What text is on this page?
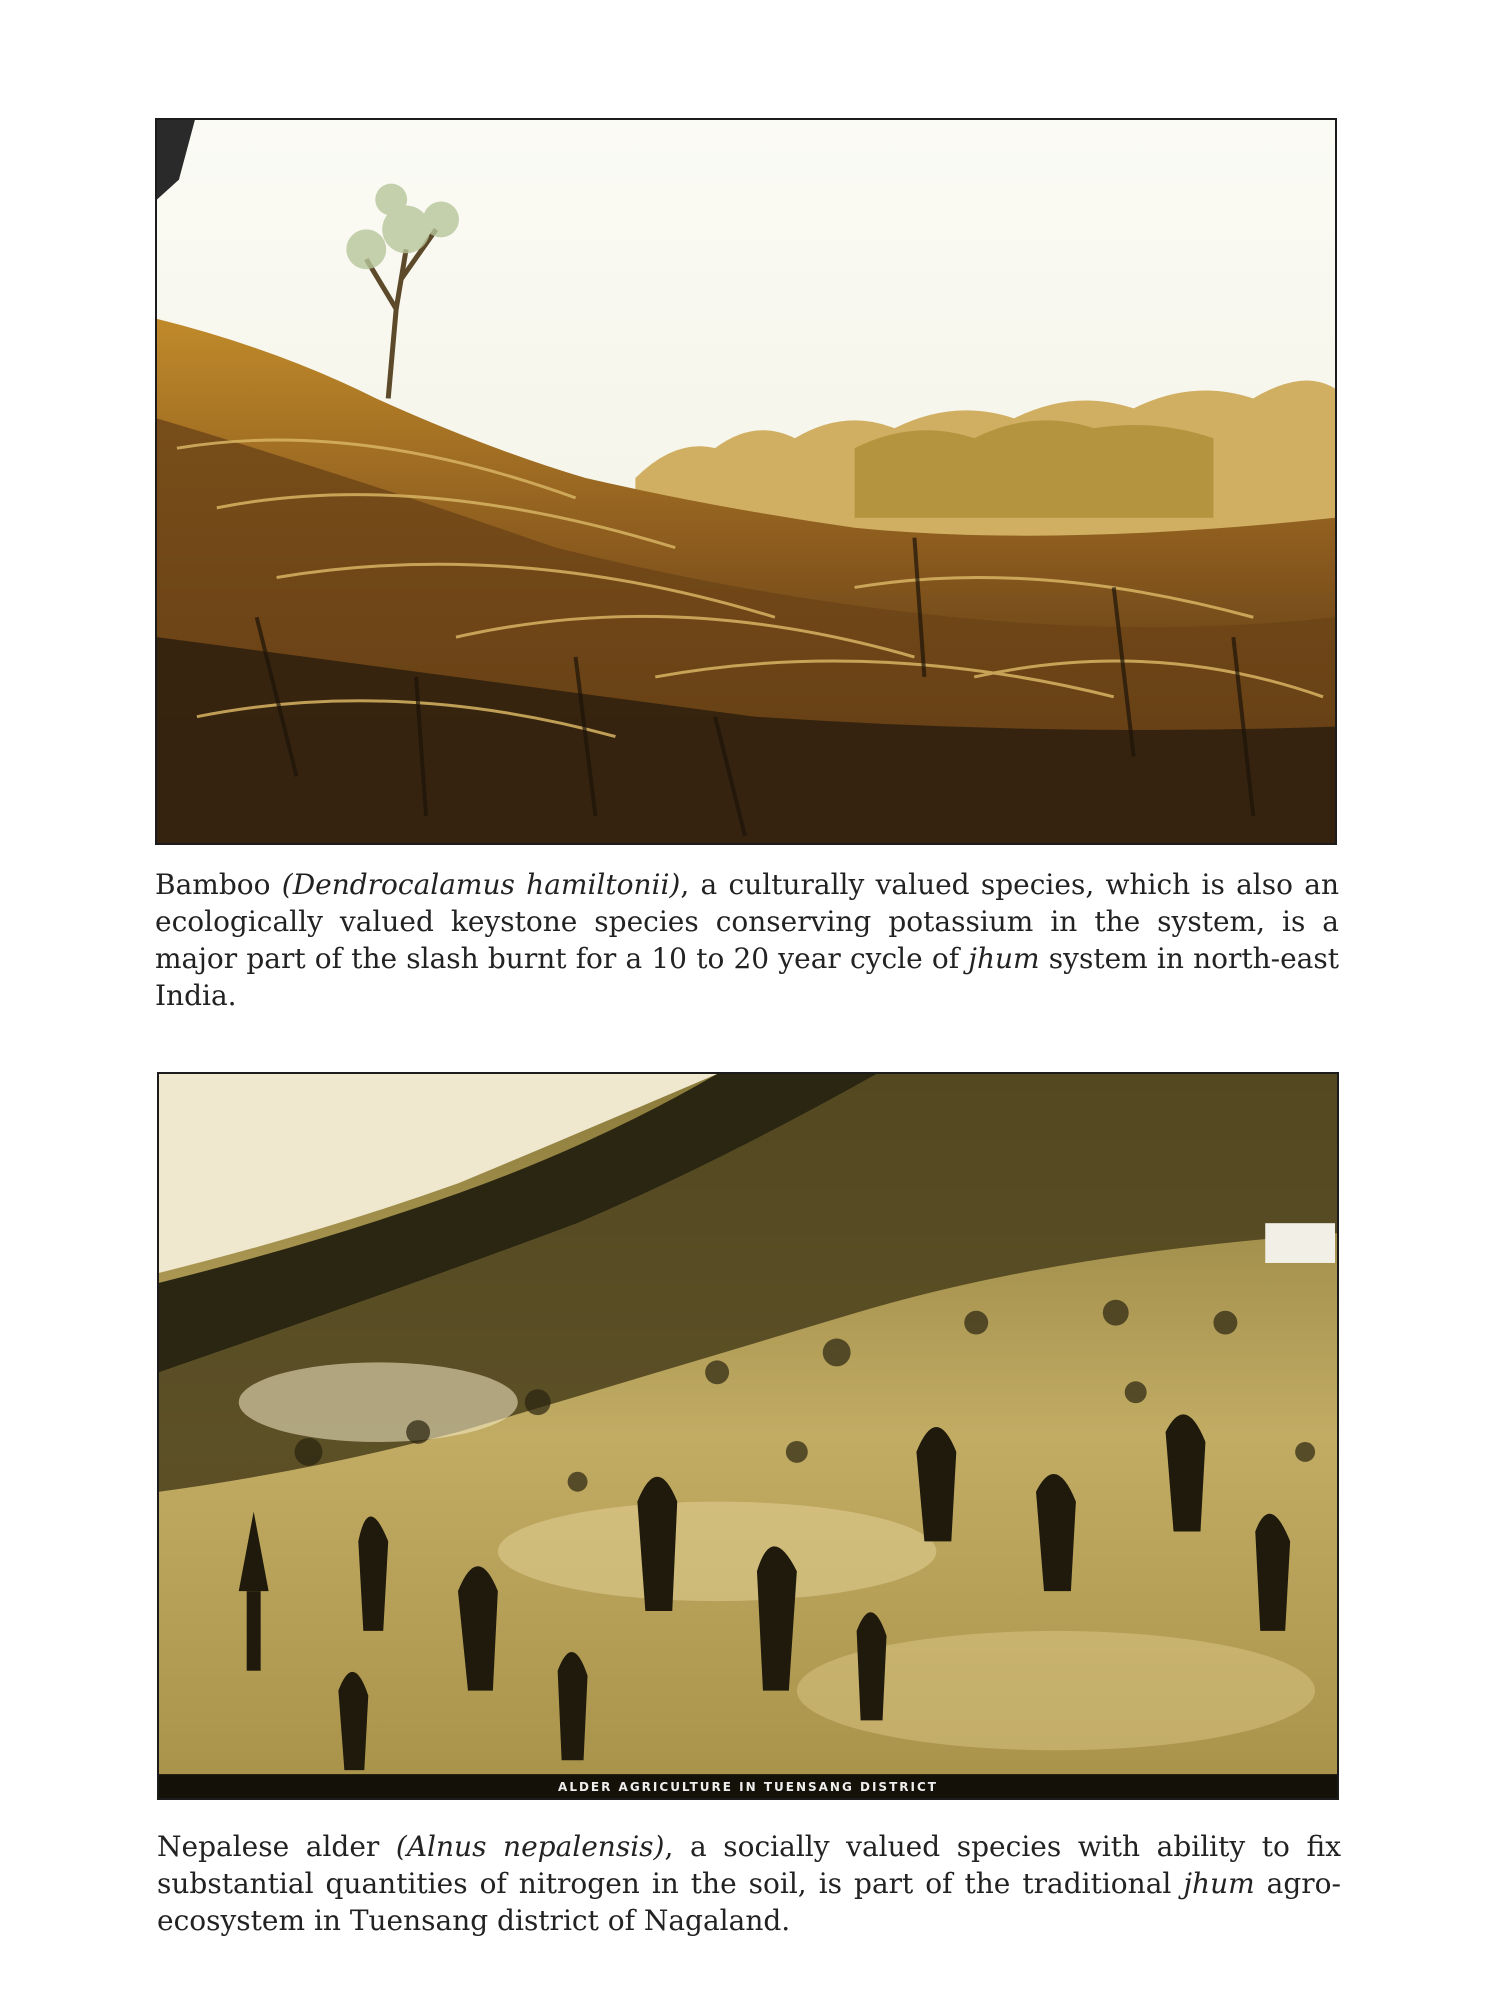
Bamboo (Dendrocalamus hamiltonii), a culturally valued species, which is also an ecologically valued keystone species conserving potassium in the system, is a major part of the slash burnt for a 10 to 20 year cycle of jhum system in north-east India.
ALDER AGRICULTURE IN TUENSANG DISTRICT
Nepalese alder (Alnus nepalensis), a socially valued species with ability to fix substantial quantities of nitrogen in the soil, is part of the traditional jhum agro-ecosystem in Tuensang district of Nagaland.
